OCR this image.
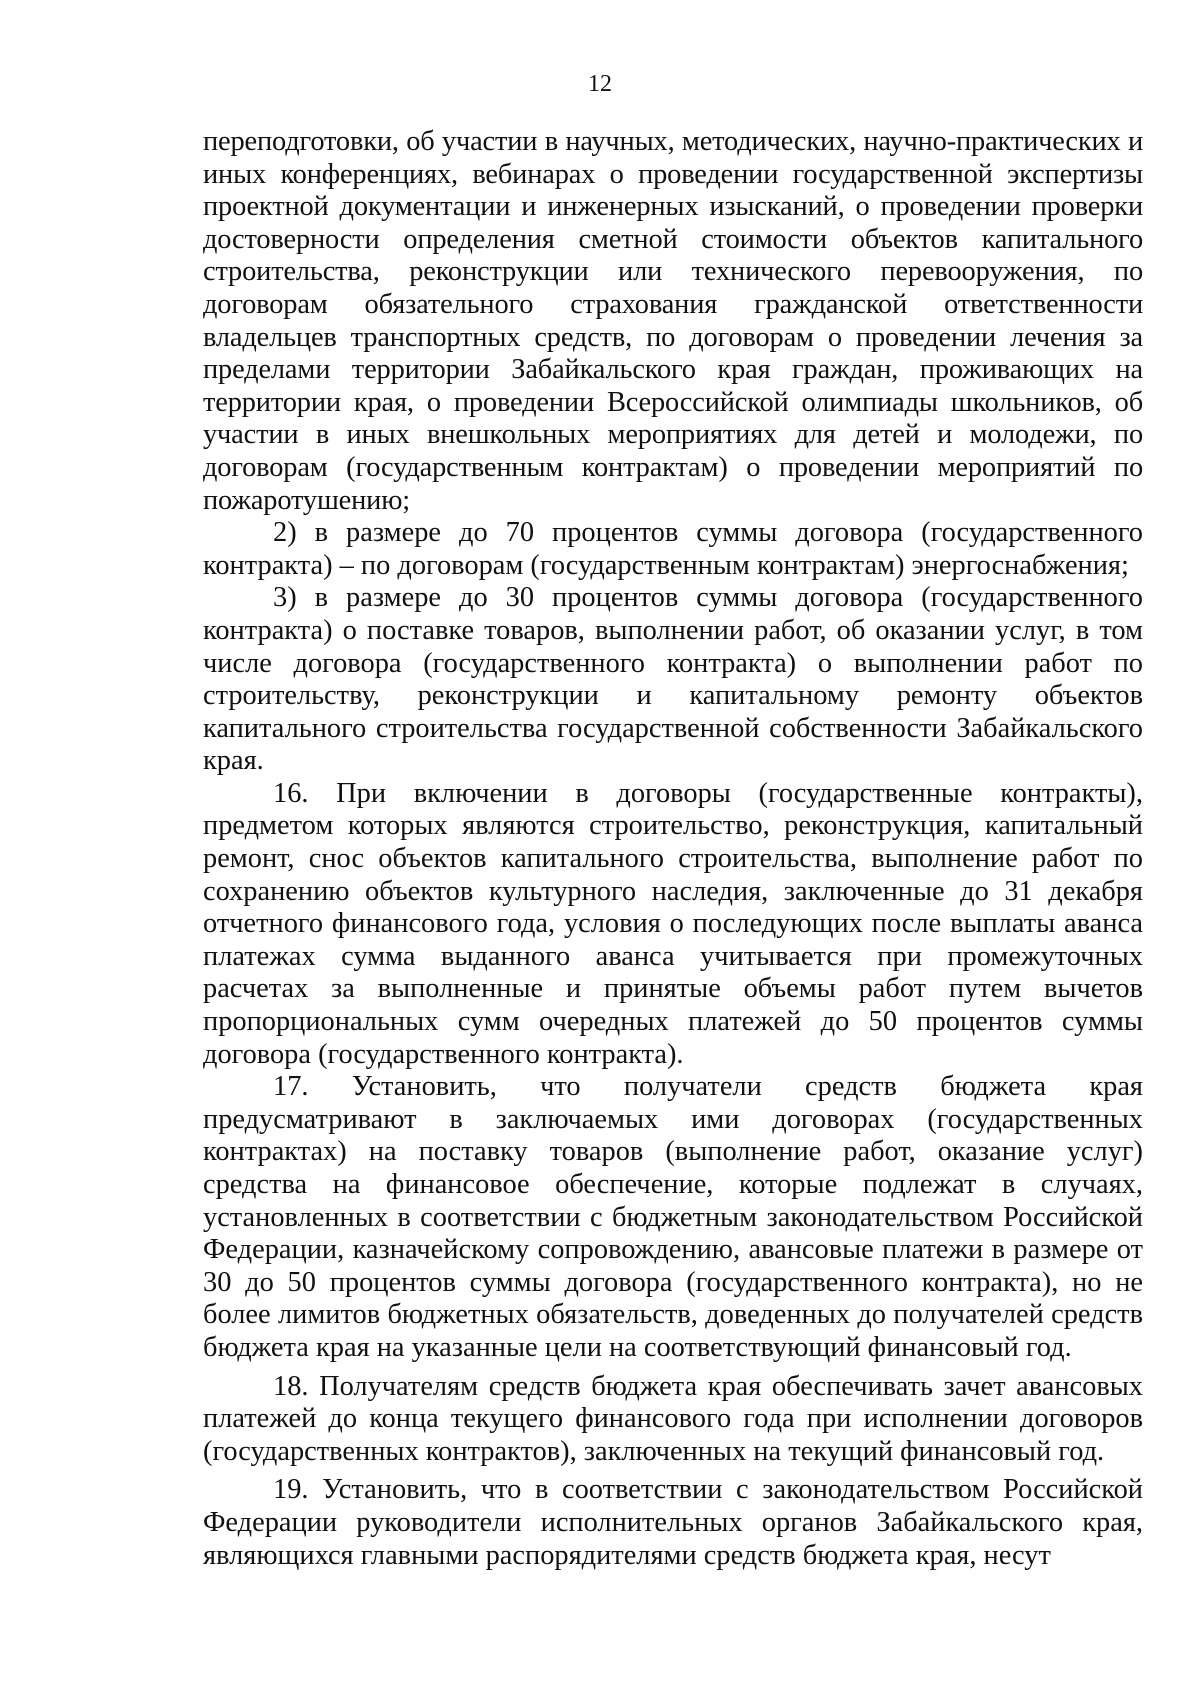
12

переподготовки, об участии в научных, методических, научно-практических и иных конференциях, вебинарах о проведении государственной экспертизы проектной документации и инженерных изысканий, о проведении проверки достоверности определения сметной стоимости объектов капитального строительства, реконструкции или технического перевооружения, по договорам обязательного страхования гражданской ответственности владельцев транспортных средств, по договорам о проведении лечения за пределами территории Забайкальского края граждан, проживающих на территории края, о проведении Всероссийской олимпиады школьников, об участии в иных внешкольных мероприятиях для детей и молодежи, по договорам (государственным контрактам) о проведении мероприятий по пожаротушению;

2) в размере до 70 процентов суммы договора (государственного контракта) – по договорам (государственным контрактам) энергоснабжения;

3) в размере до 30 процентов суммы договора (государственного контракта) о поставке товаров, выполнении работ, об оказании услуг, в том числе договора (государственного контракта) о выполнении работ по строительству, реконструкции и капитальному ремонту объектов капитального строительства государственной собственности Забайкальского края.

16. При включении в договоры (государственные контракты), предметом которых являются строительство, реконструкция, капитальный ремонт, снос объектов капитального строительства, выполнение работ по сохранению объектов культурного наследия, заключенные до 31 декабря отчетного финансового года, условия о последующих после выплаты аванса платежах сумма выданного аванса учитывается при промежуточных расчетах за выполненные и принятые объемы работ путем вычетов пропорциональных сумм очередных платежей до 50 процентов суммы договора (государственного контракта).

17. Установить, что получатели средств бюджета края предусматривают в заключаемых ими договорах (государственных контрактах) на поставку товаров (выполнение работ, оказание услуг) средства на финансовое обеспечение, которые подлежат в случаях, установленных в соответствии с бюджетным законодательством Российской Федерации, казначейскому сопровождению, авансовые платежи в размере от 30 до 50 процентов суммы договора (государственного контракта), но не более лимитов бюджетных обязательств, доведенных до получателей средств бюджета края на указанные цели на соответствующий финансовый год.

18. Получателям средств бюджета края обеспечивать зачет авансовых платежей до конца текущего финансового года при исполнении договоров (государственных контрактов), заключенных на текущий финансовый год.

19. Установить, что в соответствии с законодательством Российской Федерации руководители исполнительных органов Забайкальского края, являющихся главными распорядителями средств бюджета края, несут
